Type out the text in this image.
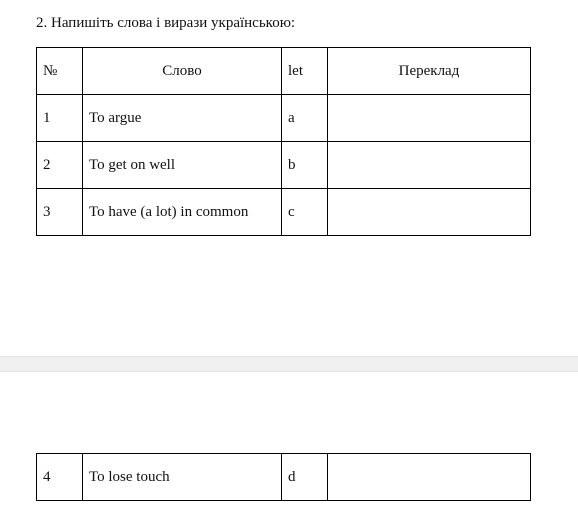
2. Напишіть слова і вирази українською:
№	Слово	let	Переклад
1	To argue	a	
2	To get on well	b	
3	To have (a lot) in common	c	
4	To lose touch	d	
